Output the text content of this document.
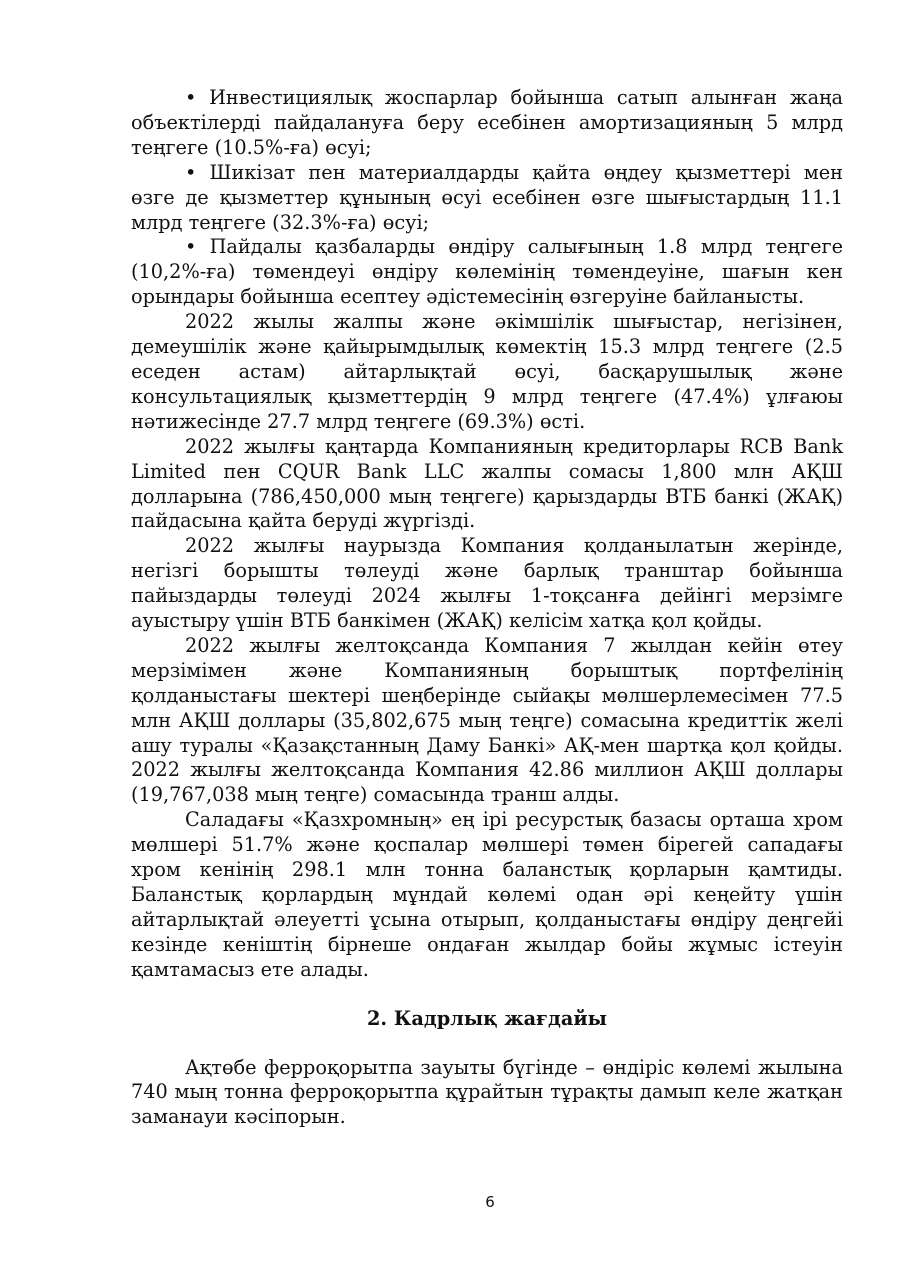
• Инвестициялық жоспарлар бойынша сатып алынған жаңа объектілерді пайдалануға беру есебінен амортизацияның 5 млрд теңгеге (10.5%-ға) өсуі;

• Шикізат пен материалдарды қайта өңдеу қызметтері мен өзге де қызметтер құнының өсуі есебінен өзге шығыстардың 11.1 млрд теңгеге (32.3%-ға) өсуі;

• Пайдалы қазбаларды өндіру салығының 1.8 млрд теңгеге (10,2%-ға) төмендеуі өндіру көлемінің төмендеуіне, шағын кен орындары бойынша есептеу әдістемесінің өзгеруіне байланысты.

2022 жылы жалпы және әкімшілік шығыстар, негізінен, демеушілік және қайырымдылық көмектің 15.3 млрд теңгеге (2.5 еседен астам) айтарлықтай өсуі, басқарушылық және консультациялық қызметтердің 9 млрд теңгеге (47.4%) ұлғаюы нәтижесінде 27.7 млрд теңгеге (69.3%) өсті.

2022 жылғы қаңтарда Компанияның кредиторлары RCB Bank Limited пен CQUR Bank LLC жалпы сомасы 1,800 млн АҚШ долларына (786,450,000 мың теңгеге) қарыздарды ВТБ банкі (ЖАҚ) пайдасына қайта беруді жүргізді.

2022 жылғы наурызда Компания қолданылатын жерінде, негізгі борышты төлеуді және барлық транштар бойынша пайыздарды төлеуді 2024 жылғы 1-тоқсанға дейінгі мерзімге ауыстыру үшін ВТБ банкімен (ЖАҚ) келісім хатқа қол қойды.

2022 жылғы желтоқсанда Компания 7 жылдан кейін өтеу мерзімімен және Компанияның борыштық портфелінің қолданыстағы шектері шеңберінде сыйақы мөлшерлемесімен 77.5 млн АҚШ доллары (35,802,675 мың теңге) сомасына кредиттік желі ашу туралы «Қазақстанның Даму Банкі» АҚ-мен шартқа қол қойды. 2022 жылғы желтоқсанда Компания 42.86 миллион АҚШ доллары (19,767,038 мың теңге) сомасында транш алды.

Саладағы «Қазхромның» ең ірі ресурстық базасы орташа хром мөлшері 51.7% және қоспалар мөлшері төмен бірегей сападағы хром кенінің 298.1 млн тонна баланстық қорларын қамтиды. Баланстық қорлардың мұндай көлемі одан әрі кеңейту үшін айтарлықтай әлеуетті ұсына отырып, қолданыстағы өндіру деңгейі кезінде кеніштің бірнеше ондаған жылдар бойы жұмыс істеуін қамтамасыз ете алады.

2. Кадрлық жағдайы

Ақтөбе ферроқорытпа зауыты бүгінде – өндіріс көлемі жылына 740 мың тонна ферроқорытпа құрайтын тұрақты дамып келе жатқан заманауи кәсіпорын.

6
